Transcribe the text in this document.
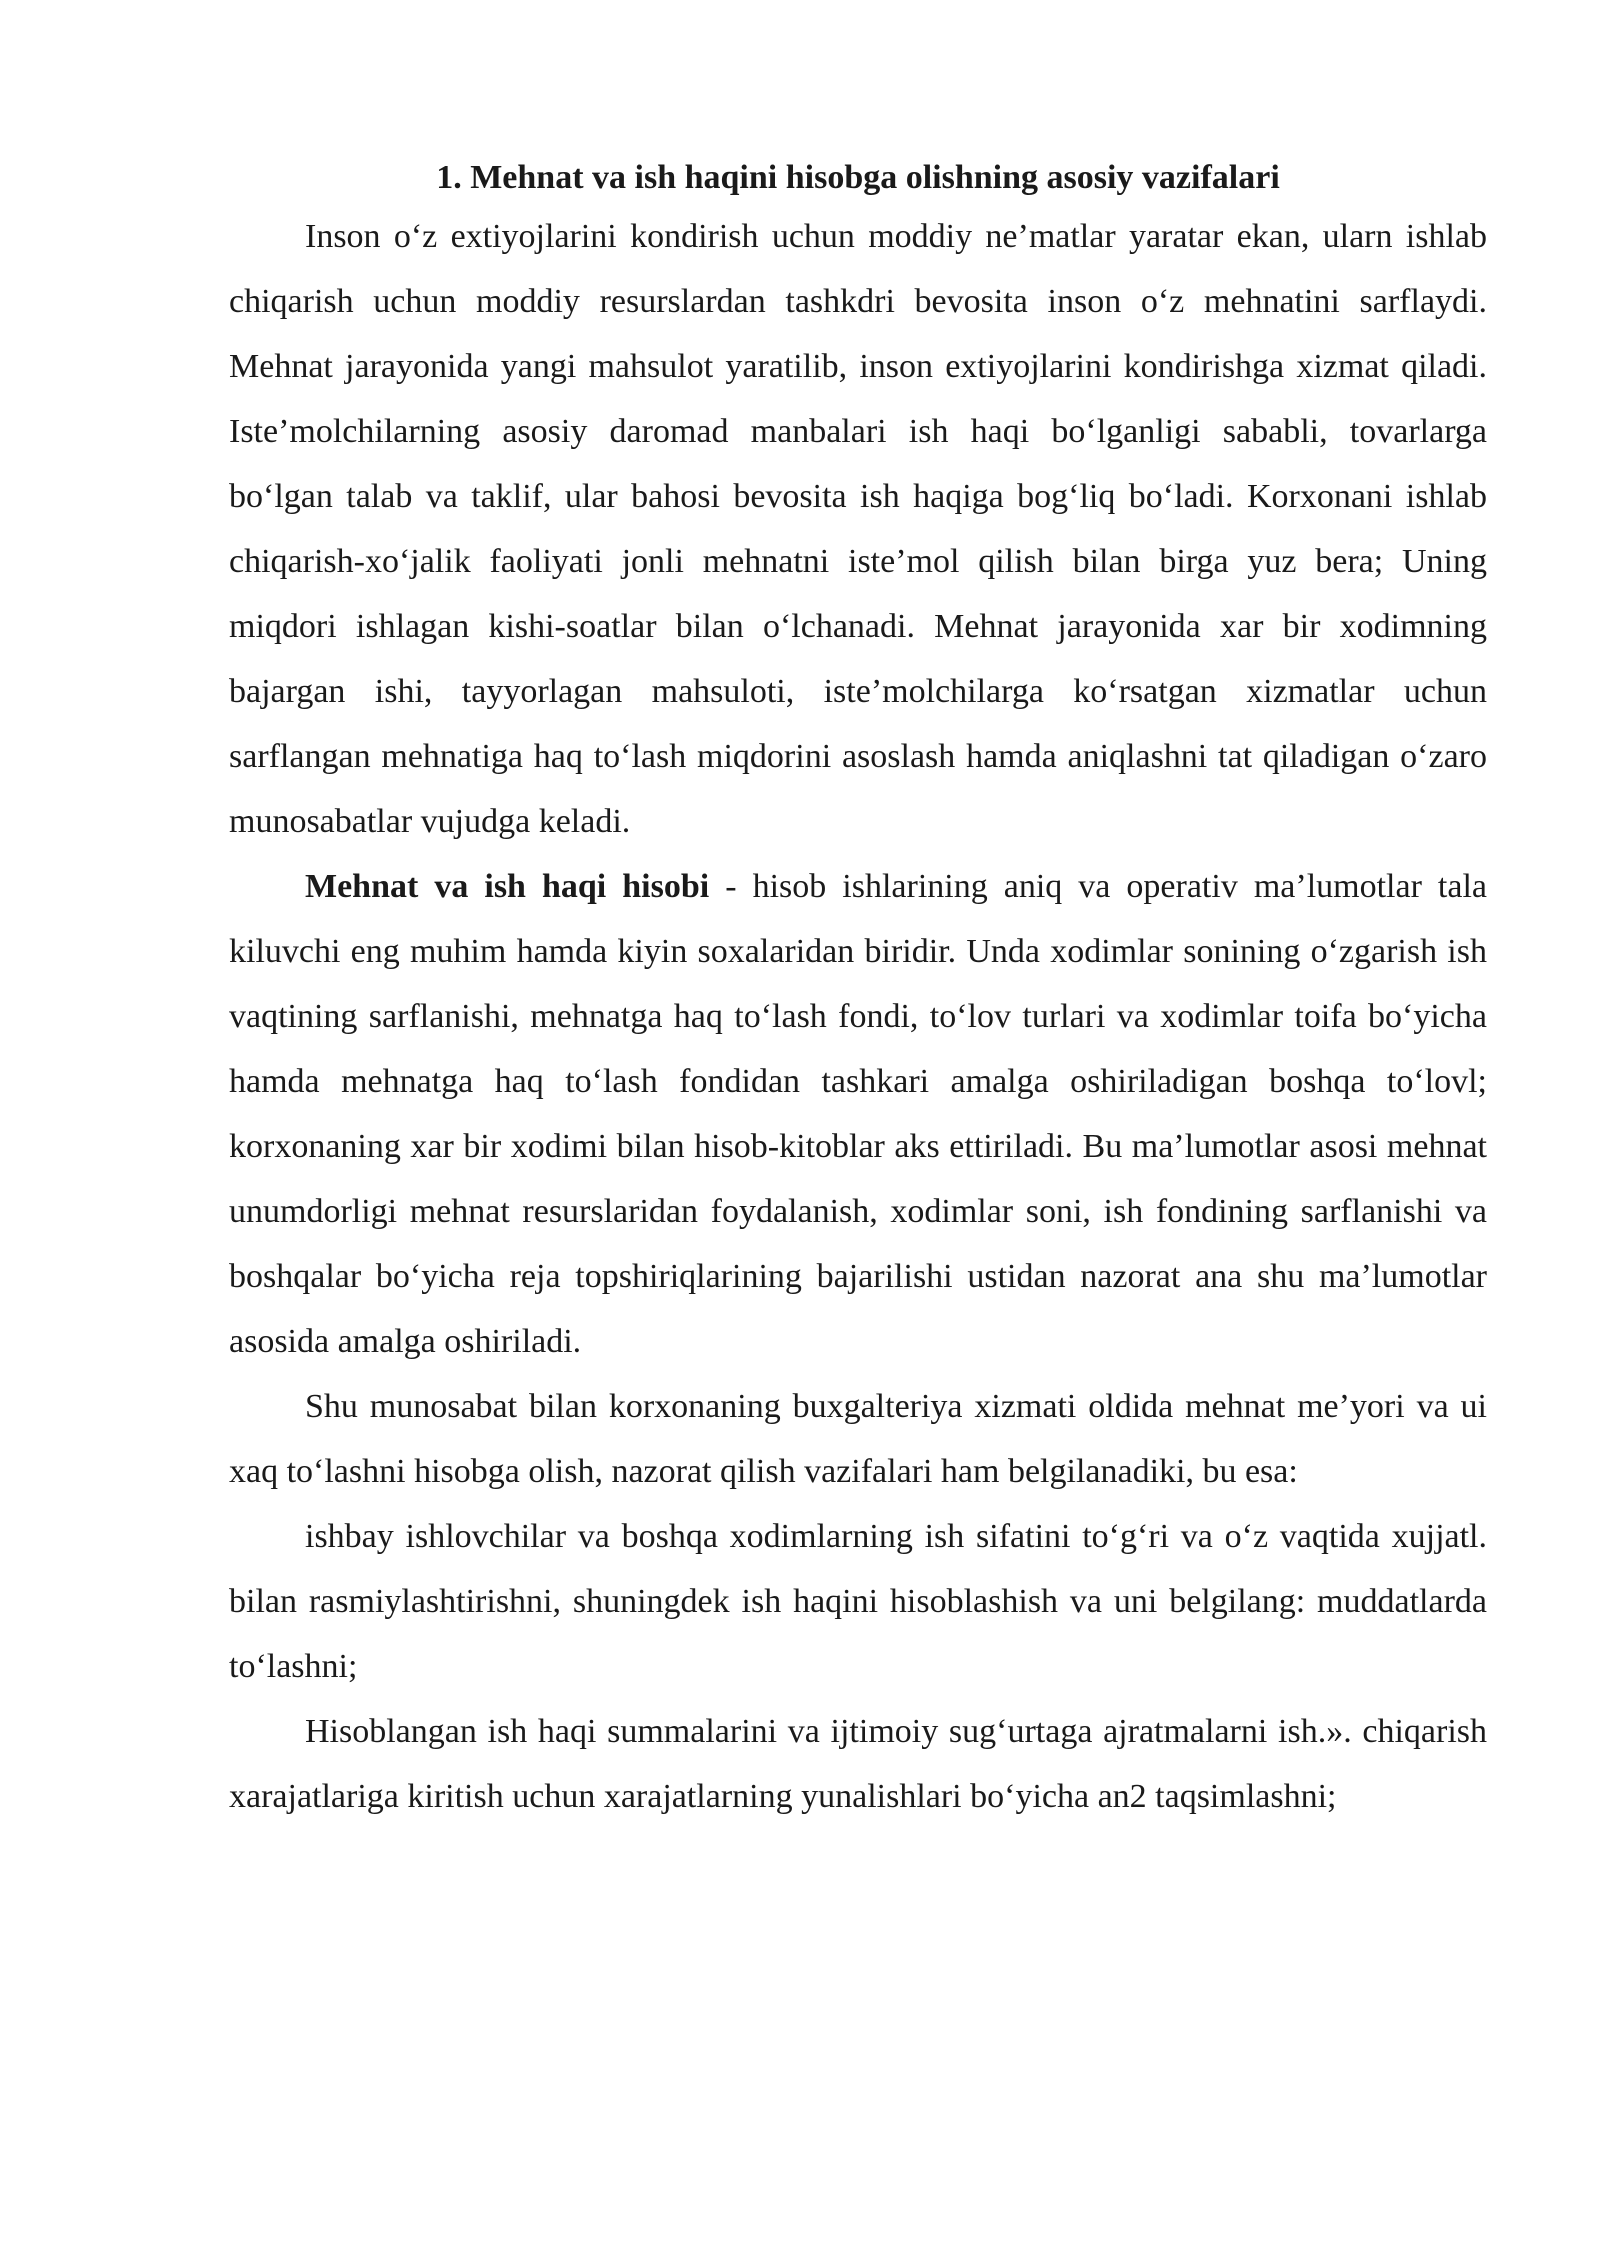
1. Mehnat va ish haqini hisobga olishning asosiy vazifalari

Inson o‘z extiyojlarini kondirish uchun moddiy ne’matlar yaratar ekan, ularn ishlab chiqarish uchun moddiy resurslardan tashkdri bevosita inson o‘z mehnatini sarflaydi. Mehnat jarayonida yangi mahsulot yaratilib, inson extiyojlarini kondirishga xizmat qiladi. Iste’molchilarning asosiy daromad manbalari ish haqi bo‘lganligi sababli, tovarlarga bo‘lgan talab va taklif, ular bahosi bevosita ish haqiga bog‘liq bo‘ladi. Korxonani ishlab chiqarish-xo‘jalik faoliyati jonli mehnatni iste’mol qilish bilan birga yuz bera; Uning miqdori ishlagan kishi-soatlar bilan o‘lchanadi. Mehnat jarayonida xar bir xodimning bajargan ishi, tayyorlagan mahsuloti, iste’molchilarga ko‘rsatgan xizmatlar uchun sarflangan mehnatiga haq to‘lash miqdorini asoslash hamda aniqlashni tat qiladigan o‘zaro munosabatlar vujudga keladi.

Mehnat va ish haqi hisobi - hisob ishlarining aniq va operativ ma’lumotlar tala kiluvchi eng muhim hamda kiyin soxalaridan biridir. Unda xodimlar sonining o‘zgarish ish vaqtining sarflanishi, mehnatga haq to‘lash fondi, to‘lov turlari va xodimlar toifa bo‘yicha hamda mehnatga haq to‘lash fondidan tashkari amalga oshiriladigan boshqa to‘lovl; korxonaning xar bir xodimi bilan hisob-kitoblar aks ettiriladi. Bu ma’lumotlar asosi mehnat unumdorligi mehnat resurslaridan foydalanish, xodimlar soni, ish fondining sarflanishi va boshqalar bo‘yicha reja topshiriqlarining bajarilishi ustidan nazorat ana shu ma’lumotlar asosida amalga oshiriladi.

Shu munosabat bilan korxonaning buxgalteriya xizmati oldida mehnat me’yori va ui xaq to‘lashni hisobga olish, nazorat qilish vazifalari ham belgilanadiki, bu esa:

ishbay ishlovchilar va boshqa xodimlarning ish sifatini to‘g‘ri va o‘z vaqtida xujjatl. bilan rasmiylashtirishni, shuningdek ish haqini hisoblashish va uni belgilang: muddatlarda to‘lashni;

Hisoblangan ish haqi summalarini va ijtimoiy sug‘urtaga ajratmalarni ish.». chiqarish xarajatlariga kiritish uchun xarajatlarning yunalishlari bo‘yicha an2 taqsimlashni;
